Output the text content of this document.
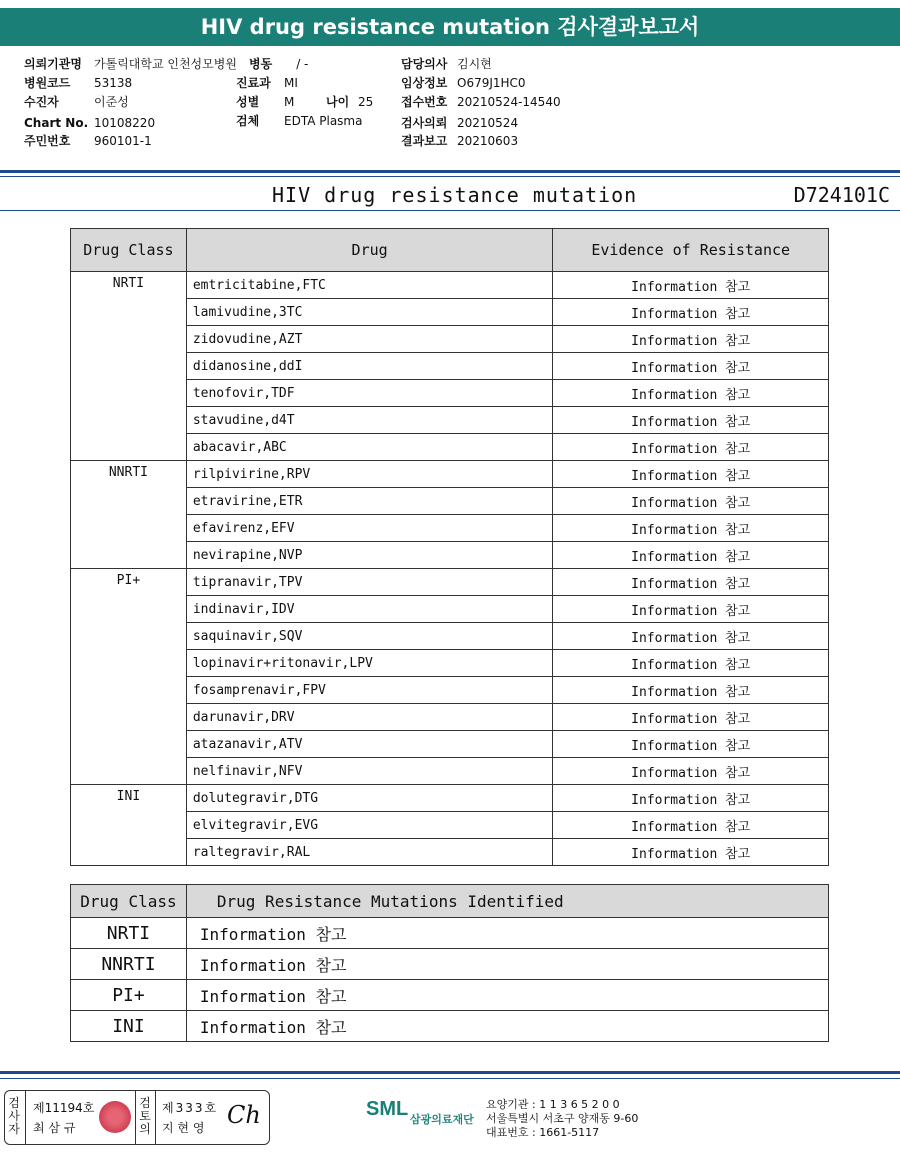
HIV drug resistance mutation 검사결과보고서
의뢰기관명 가톨릭대학교 인천성모병원 병동 / -
병원코드 53138	진료과 MI
수진자	이준성	성별 M	나이 25
Chart No. 10108220	검체 EDTA Plasma
주민번호 960101-1
담당의사 김시현
임상정보 O679J1HC0
접수번호 20210524-14540
검사의뢰 20210524
결과보고 20210603
HIV drug resistance mutation	D724101C
Drug Class	Drug	Evidence of Resistance
NRTI	emtricitabine,FTC	Information 참고
	lamivudine,3TC	Information 참고
	zidovudine,AZT	Information 참고
	didanosine,ddI	Information 참고
	tenofovir,TDF	Information 참고
	stavudine,d4T	Information 참고
	abacavir,ABC	Information 참고
NNRTI	rilpivirine,RPV	Information 참고
	etravirine,ETR	Information 참고
	efavirenz,EFV	Information 참고
	nevirapine,NVP	Information 참고
PI+	tipranavir,TPV	Information 참고
	indinavir,IDV	Information 참고
	saquinavir,SQV	Information 참고
	lopinavir+ritonavir,LPV	Information 참고
	fosamprenavir,FPV	Information 참고
	darunavir,DRV	Information 참고
	atazanavir,ATV	Information 참고
	nelfinavir,NFV	Information 참고
INI	dolutegravir,DTG	Information 참고
	elvitegravir,EVG	Information 참고
	raltegravir,RAL	Information 참고
Drug Class	Drug Resistance Mutations Identified
NRTI	Information 참고
NNRTI	Information 참고
PI+	Information 참고
INI	Information 참고
검
사
자
제11194호
최 삼 규
검
토
의
제333호
지 현 영 Ch	SML 삼광의료재단
요양기관 : 1 1 3 6 5 2 0 0
서울특별시 서초구 양재동 9-60
대표번호 : 1661-5117
